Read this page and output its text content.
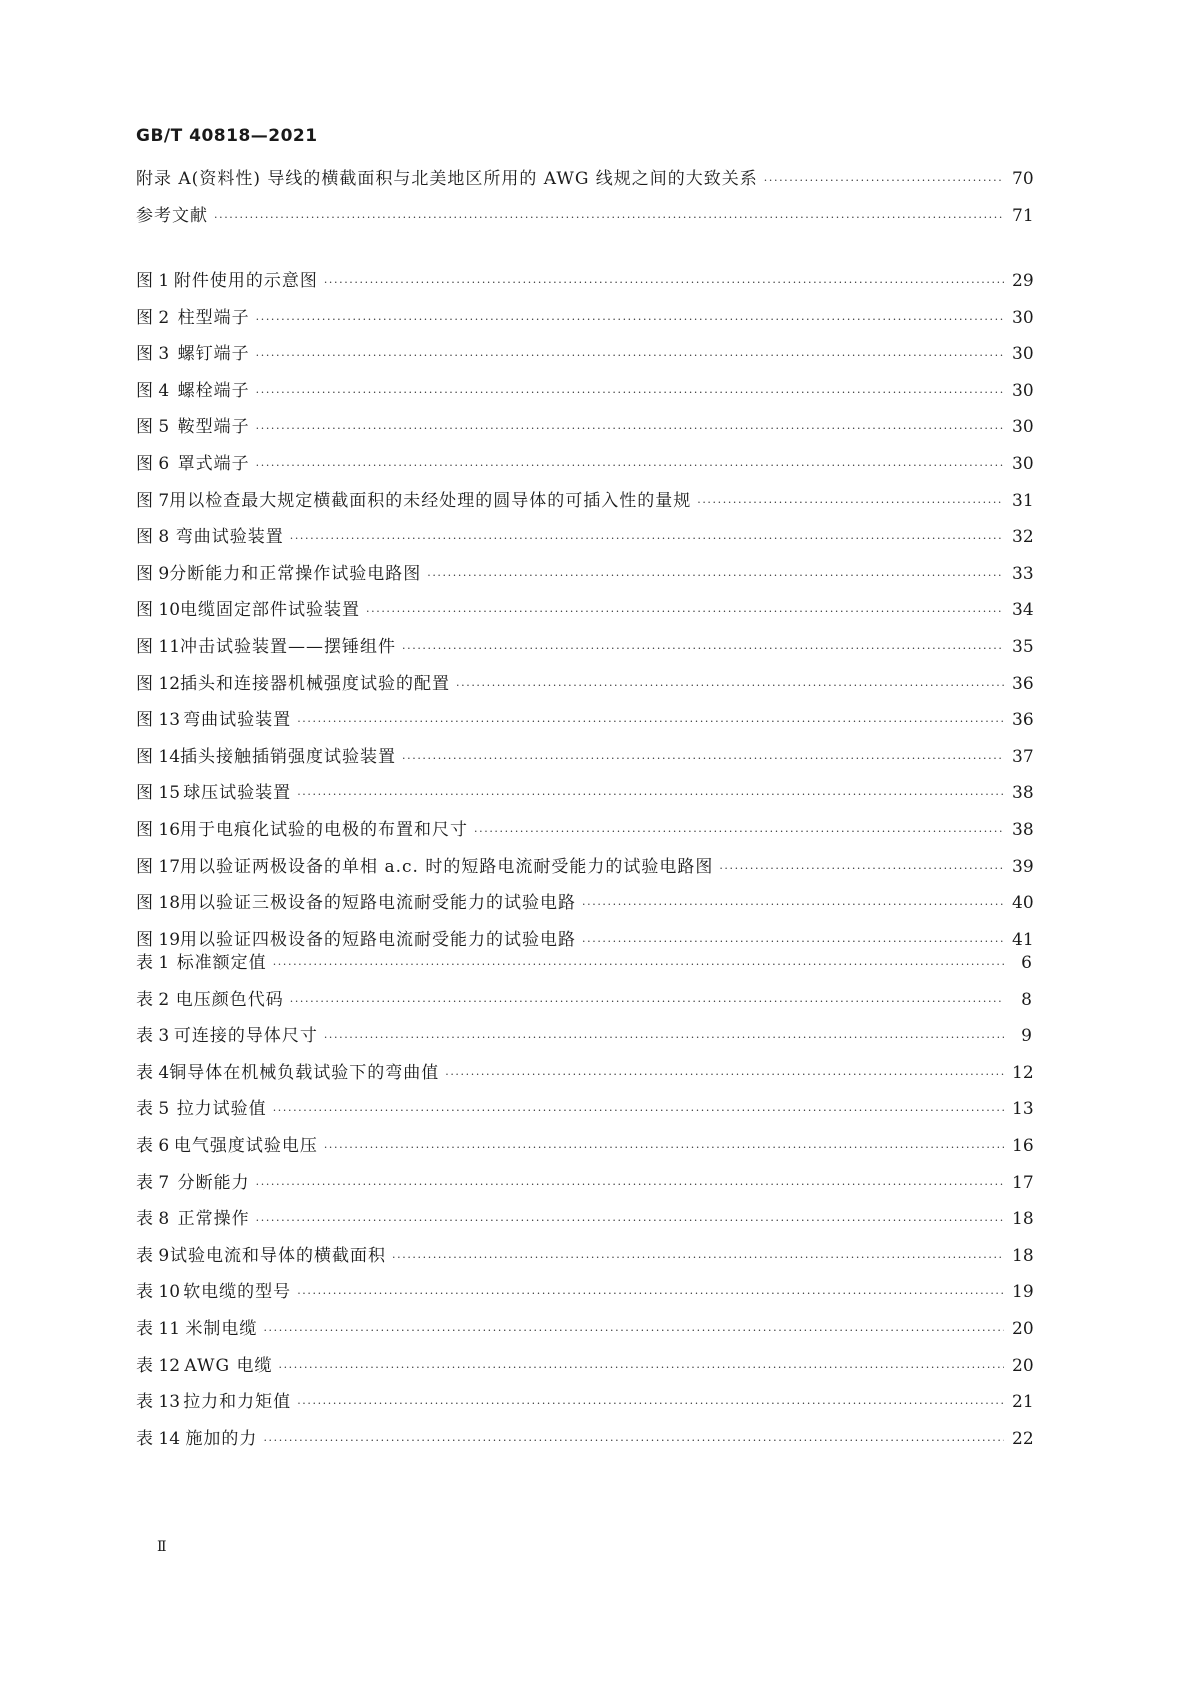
GB/T 40818—2021
附录 A(资料性) 导线的横截面积与北美地区所用的 AWG 线规之间的大致关系 ·····	70
参考文献 ·····	71
图 1 附件使用的示意图 ·····	29
图 2 柱型端子 ·····	30
图 3 螺钉端子 ·····	30
图 4 螺栓端子 ·····	30
图 5 鞍型端子 ·····	30
图 6 罩式端子 ·····	30
图 7 用以检查最大规定横截面积的未经处理的圆导体的可插入性的量规 ·····	31
图 8 弯曲试验装置 ·····	32
图 9 分断能力和正常操作试验电路图 ·····	33
图 10 电缆固定部件试验装置 ·····	34
图 11 冲击试验装置——摆锤组件 ·····	35
图 12 插头和连接器机械强度试验的配置 ·····	36
图 13 弯曲试验装置 ·····	36
图 14 插头接触插销强度试验装置 ·····	37
图 15 球压试验装置 ·····	38
图 16 用于电痕化试验的电极的布置和尺寸 ·····	38
图 17 用以验证两极设备的单相 a.c. 时的短路电流耐受能力的试验电路图 ·····	39
图 18 用以验证三极设备的短路电流耐受能力的试验电路 ·····	40
图 19 用以验证四极设备的短路电流耐受能力的试验电路 ·····	41
表 1 标准额定值 ·····	6
表 2 电压颜色代码 ·····	8
表 3 可连接的导体尺寸 ·····	9
表 4 铜导体在机械负载试验下的弯曲值 ·····	12
表 5 拉力试验值 ·····	13
表 6 电气强度试验电压 ·····	16
表 7 分断能力 ·····	17
表 8 正常操作 ·····	18
表 9 试验电流和导体的横截面积 ·····	18
表 10 软电缆的型号 ·····	19
表 11 米制电缆 ·····	20
表 12 AWG 电缆 ·····	20
表 13 拉力和力矩值 ·····	21
表 14 施加的力 ·····	22
Ⅱ
